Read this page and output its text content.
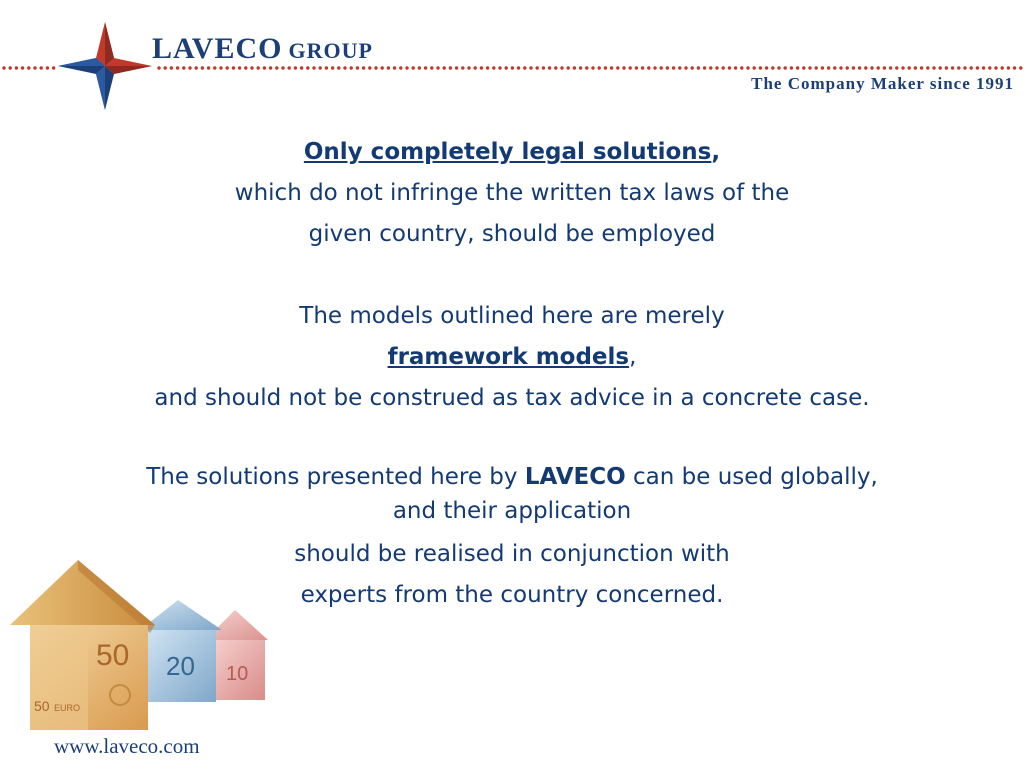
LAVECO GROUP
The Company Maker since 1991

Only completely legal solutions,

which do not infringe the written tax laws of the

given country, should be employed

The models outlined here are merely

framework models,

and should not be construed as tax advice in a concrete case.

The solutions presented here by LAVECO can be used globally,

and their application

should be realised in conjunction with

experts from the country concerned.

10
20
50
50 EURO
www.laveco.com
